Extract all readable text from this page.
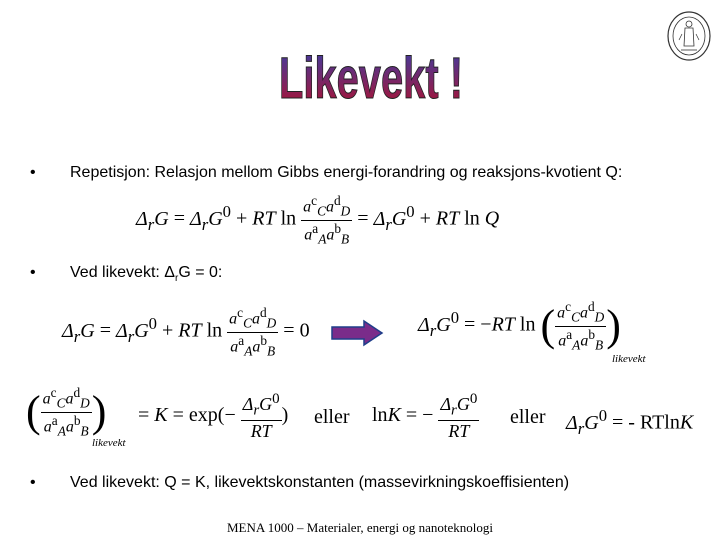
Likevekt !
• Repetisjon: Relasjon mellom Gibbs energi-forandring og reaksjons-kvotient Q:
$\Delta_rG = \Delta_rG^0$ + RT $\ln \frac{a^c_Ca^d_D}{a^a_Aa^b_B} = \Delta_rG^0$ + RT ln Q
• Ved likevekt: $\Delta_rG = 0$:
$\Delta_rG = \Delta_rG^0$ + RT $\ln \frac{a^c_Ca^d_D}{a^a_Aa^b_B} = 0$	$\Delta_rG^0 = -RT$ ln ( $\frac{a^c_Ca^d_D}{a^a_Aa^b_B}$ )
likevekt
( $\frac{a^c_Ca^d_D}{a^a_Aa^b_B}$ )
likevekt
= $K = \exp(- \frac{\Delta_rG^0}{RT}$ ) eller lnK = − $\frac{\Delta_rG^0}{RT}$ eller $\Delta_rG^0$ = - RTlnK
• Ved likevekt: Q = K, likevektskonstanten (massevirkningskoeffisienten)
MENA 1000 – Materialer, energi og nanoteknologi
